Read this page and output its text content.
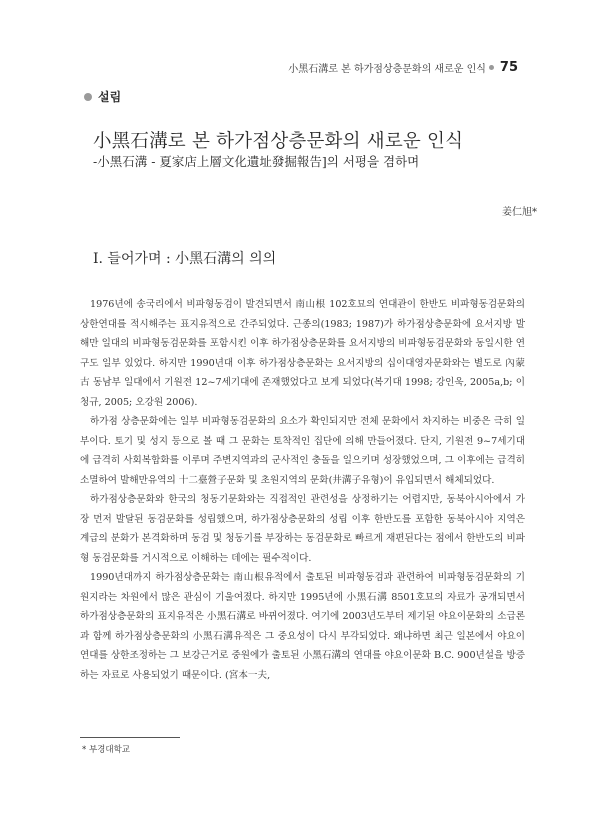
小黑石溝로 본 하가점상층문화의 새로운 인식 75
설림
小黑石溝로 본 하가점상층문화의 새로운 인식
-小黑石溝 - 夏家店上層文化遺址發掘報告]의 서평을 겸하며
姜仁旭*
I. 들어가며 : 小黑石溝의 의의

1976년에 송국리에서 비파형동검이 발견되면서 南山根 102호묘의 연대관이 한반도 비파형동검문화의 상한연대를 적시해주는 표지유적으로 간주되었다. 근종의(1983; 1987)가 하가점상층문화에 요서지방 발해만 일대의 비파형동검문화를 포함시킨 이후 하가점상층문화를 요서지방의 비파형동검문화와 동일시한 연구도 일부 있었다. 하지만 1990년대 이후 하가점상층문화는 요서지방의 십이대영자문화와는 별도로 內蒙古 동남부 일대에서 기원전 12~7세기대에 존재했었다고 보게 되었다(복기대 1998; 강인욱, 2005a,b; 이청규, 2005; 오강원 2006).

하가점 상층문화에는 일부 비파형동검문화의 요소가 확인되지만 전체 문화에서 차지하는 비중은 극히 일부이다. 토기 및 성지 등으로 볼 때 그 문화는 토착적인 집단에 의해 만들어졌다. 단지, 기원전 9~7세기대에 급격히 사회복합화를 이루며 주변지역과의 군사적인 충돌을 일으키며 성장했었으며, 그 이후에는 급격히 소멸하여 발해만유역의 十二臺營子문화 및 초원지역의 문화(井溝子유형)이 유입되면서 해체되었다.

하가점상층문화와 한국의 청동기문화와는 직접적인 관련성을 상정하기는 어렵지만, 동북아시아에서 가장 먼저 발달된 동검문화를 성립했으며, 하가점상층문화의 성립 이후 한반도를 포함한 동북아시아 지역은 계급의 분화가 본격화하며 동검 및 청동기를 부장하는 동검문화로 빠르게 재편된다는 점에서 한반도의 비파형 동검문화를 거시적으로 이해하는 데에는 필수적이다.

1990년대까지 하가점상층문화는 南山根유적에서 출토된 비파형동검과 관련하여 비파형동검문화의 기원지라는 차원에서 많은 관심이 기울여졌다. 하지만 1995년에 小黑石溝 8501호묘의 자료가 공개되면서 하가점상층문화의 표지유적은 小黑石溝로 바뀌어졌다. 여기에 2003년도부터 제기된 야요이문화의 소급론과 함께 하가점상층문화의 小黑石溝유적은 그 중요성이 다시 부각되었다. 왜냐하면 최근 일본에서 야요이연대를 상한조정하는 그 보강근거로 중원에가 출토된 小黑石溝의 연대를 야요이문화 B.C. 900년설을 방증하는 자료로 사용되었기 때문이다. (宮本一夫,

* 부경대학교
